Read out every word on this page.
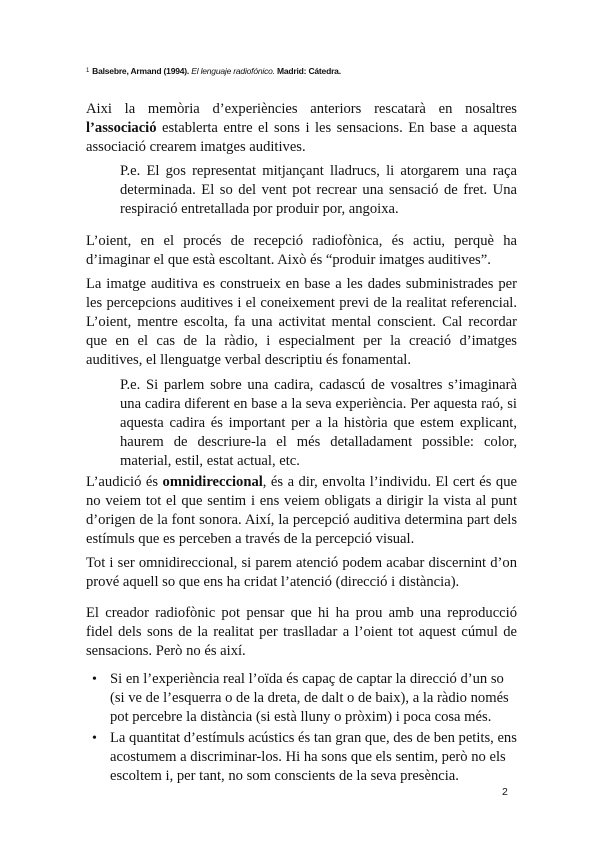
$^1$ Balsebre, Armand (1994). El lenguaje radiofónico. Madrid: Cátedra.

Aixi la memòria d’experiències anteriors rescatarà en nosaltres l’associació establerta entre el sons i les sensacions. En base a aquesta associació crearem imatges auditives.

P.e. El gos representat mitjançant lladrucs, li atorgarem una raça determinada. El so del vent pot recrear una sensació de fret. Una respiració entretallada por produir por, angoixa.

L’oient, en el procés de recepció radiofònica, és actiu, perquè ha d’imaginar el que està escoltant. Això és “produir imatges auditives”.

La imatge auditiva es construeix en base a les dades subministrades per les percepcions auditives i el coneixement previ de la realitat referencial. L’oient, mentre escolta, fa una activitat mental conscient. Cal recordar que en el cas de la ràdio, i especialment per la creació d’imatges auditives, el llenguatge verbal descriptiu és fonamental.

P.e. Si parlem sobre una cadira, cadascú de vosaltres s’imaginarà una cadira diferent en base a la seva experiència. Per aquesta raó, si aquesta cadira és important per a la història que estem explicant, haurem de descriure-la el més detalladament possible: color, material, estil, estat actual, etc.

L’audició és omnidireccional, és a dir, envolta l’individu. El cert és que no veiem tot el que sentim i ens veiem obligats a dirigir la vista al punt d’origen de la font sonora. Així, la percepció auditiva determina part dels estímuls que es perceben a través de la percepció visual.

Tot i ser omnidireccional, si parem atenció podem acabar discernint d’on prové aquell so que ens ha cridat l’atenció (direcció i distància).

El creador radiofònic pot pensar que hi ha prou amb una reproducció fidel dels sons de la realitat per traslladar a l’oient tot aquest cúmul de sensacions. Però no és així.

• Si en l’experiència real l’oïda és capaç de captar la direcció d’un so (si ve de l’esquerra o de la dreta, de dalt o de baix), a la ràdio només pot percebre la distància (si està lluny o pròxim) i poca cosa més.
• La quantitat d’estímuls acústics és tan gran que, des de ben petits, ens acostumem a discriminar-los. Hi ha sons que els sentim, però no els escoltem i, per tant, no som conscients de la seva presència.
2
